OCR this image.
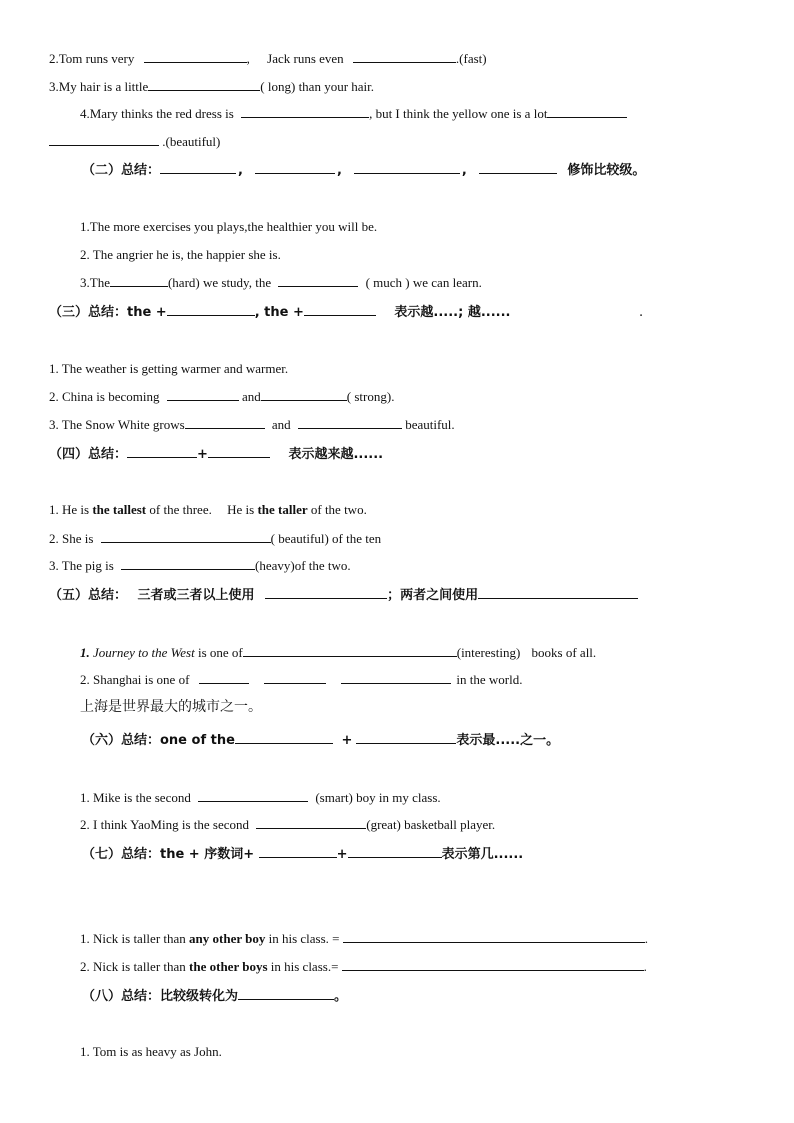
2.Tom runs very	, Jack runs even	.(fast)
3.My hair is a little	( long) than your hair.
4.Mary thinks the red dress is	, but I think the yellow one is a lot
.(beautiful)
（二）总结：	,	,	,	修饰比较级。
1.The more exercises you plays,the healthier you will be.
2. The angrier he is, the happier she is.
3.The	(hard) we study, the	( much ) we can learn.
（三）总结：the +	, the +	表示越.....; 越......	.
1. The weather is getting warmer and warmer.
2. China is becoming	and	( strong).
3. The Snow White grows	and	beautiful.
（四）总结：	+	表示越来越......
1. He is the tallest of the three. He is the taller of the two.
2. She is	( beautiful) of the ten
3. The pig is	(heavy)of the two.
（五）总结： 三者或三者以上使用	；两者之间使用
1. Journey to the West is one of	(interesting) books of all.
2. Shanghai is one of	in the world.
上海是世界最大的城市之一。
（六）总结：one of the	+	表示最.....之一。
1. Mike is the second	(smart) boy in my class.
2. I think YaoMing is the second	(great) basketball player.
（七）总结：the + 序数词+	+	表示第几......
1. Nick is taller than any other boy in his class. =	.
2. Nick is taller than the other boys in his class.=	.
（八）总结：比较级转化为	。
1. Tom is as heavy as John.
